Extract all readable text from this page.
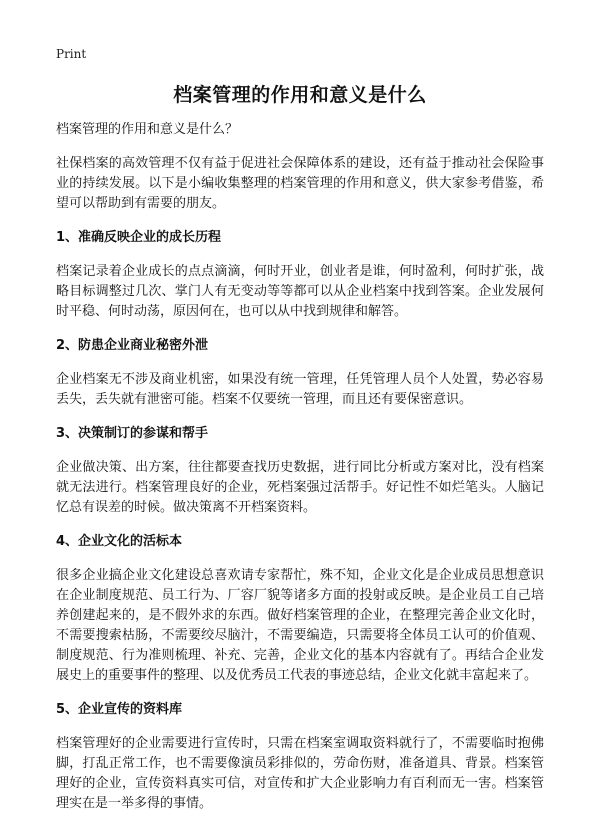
Print
档案管理的作用和意义是什么

档案管理的作用和意义是什么？

社保档案的高效管理不仅有益于促进社会保障体系的建设，还有益于推动社会保险事业的持续发展。以下是小编收集整理的档案管理的作用和意义，供大家参考借鉴，希望可以帮助到有需要的朋友。

1、准确反映企业的成长历程

档案记录着企业成长的点点滴滴，何时开业，创业者是谁，何时盈利，何时扩张，战略目标调整过几次、掌门人有无变动等等都可以从企业档案中找到答案。企业发展何时平稳、何时动荡，原因何在，也可以从中找到规律和解答。

2、防患企业商业秘密外泄

企业档案无不涉及商业机密，如果没有统一管理，任凭管理人员个人处置，势必容易丢失，丢失就有泄密可能。档案不仅要统一管理，而且还有要保密意识。

3、决策制订的参谋和帮手

企业做决策、出方案，往往都要查找历史数据，进行同比分析或方案对比，没有档案就无法进行。档案管理良好的企业，死档案强过活帮手。好记性不如烂笔头。人脑记忆总有误差的时候。做决策离不开档案资料。

4、企业文化的活标本

很多企业搞企业文化建设总喜欢请专家帮忙，殊不知，企业文化是企业成员思想意识在企业制度规范、员工行为、厂容厂貌等诸多方面的投射或反映。是企业员工自己培养创建起来的，是不假外求的东西。做好档案管理的企业，在整理完善企业文化时，不需要搜索枯肠，不需要绞尽脑汁，不需要编造，只需要将全体员工认可的价值观、制度规范、行为准则梳理、补充、完善，企业文化的基本内容就有了。再结合企业发展史上的重要事件的整理、以及优秀员工代表的事迹总结，企业文化就丰富起来了。

5、企业宣传的资料库

档案管理好的企业需要进行宣传时，只需在档案室调取资料就行了，不需要临时抱佛脚，打乱正常工作，也不需要像演员彩排似的，劳命伤财，准备道具、背景。档案管理好的企业，宣传资料真实可信，对宣传和扩大企业影响力有百利而无一害。档案管理实在是一举多得的事情。
